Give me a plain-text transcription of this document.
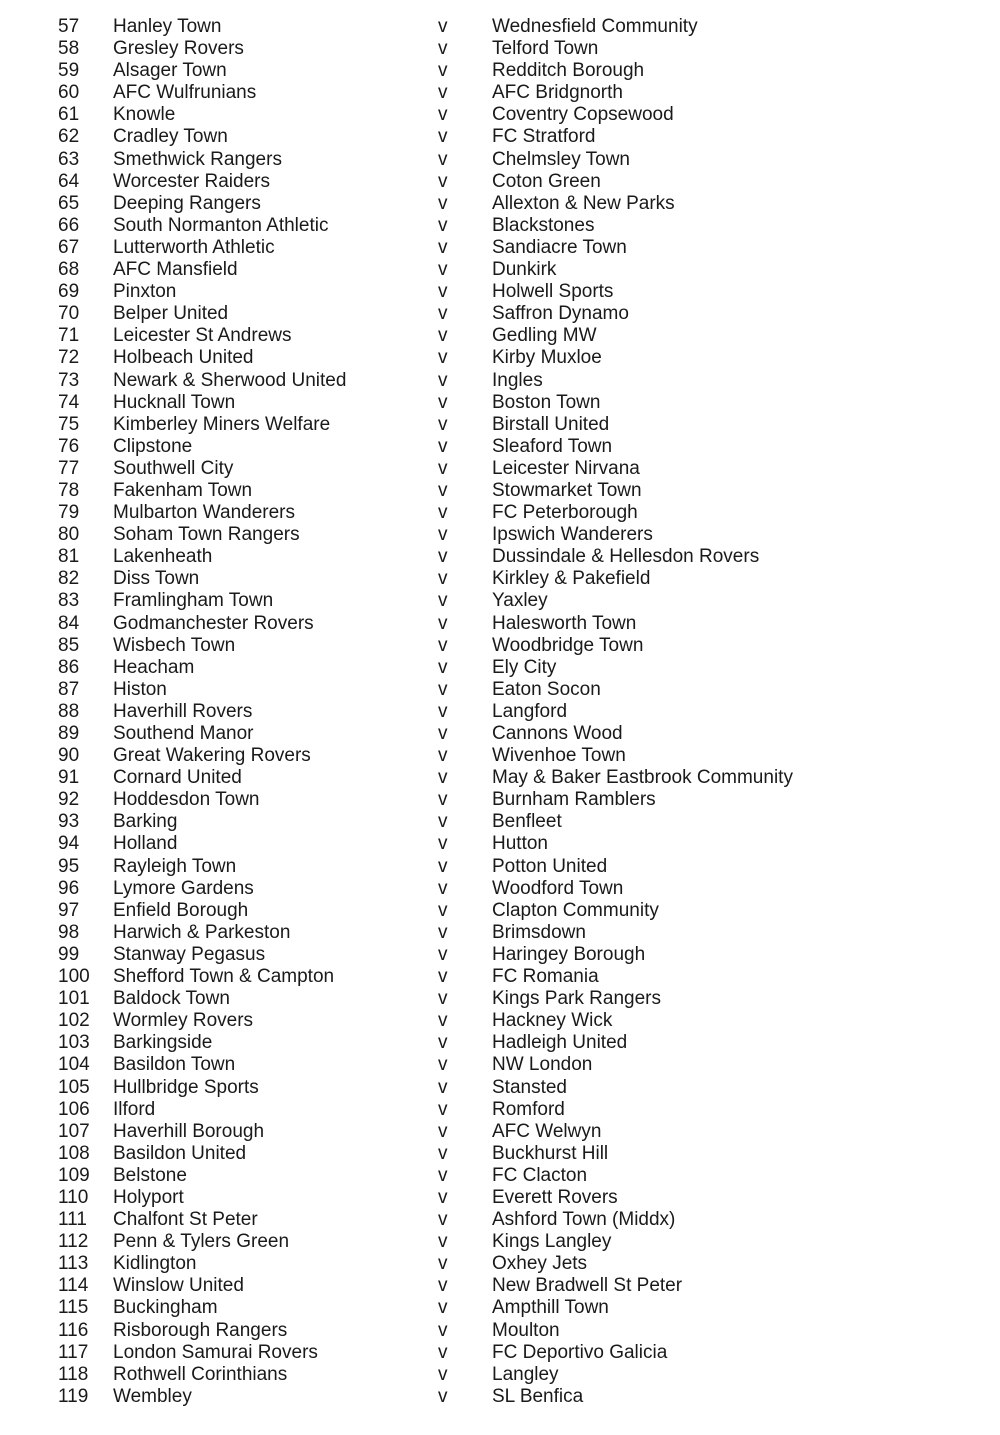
57 Hanley Town	v Wednesfield Community
58 Gresley Rovers	v Telford Town
59 Alsager Town	v Redditch Borough
60 AFC Wulfrunians	v AFC Bridgnorth
61 Knowle	v Coventry Copsewood
62 Cradley Town	v FC Stratford
63 Smethwick Rangers	v Chelmsley Town
64 Worcester Raiders	v Coton Green
65 Deeping Rangers	v Allexton & New Parks
66 South Normanton Athletic	v Blackstones
67 Lutterworth Athletic	v Sandiacre Town
68 AFC Mansfield	v Dunkirk
69 Pinxton	v Holwell Sports
70 Belper United	v Saffron Dynamo
71 Leicester St Andrews	v Gedling MW
72 Holbeach United	v Kirby Muxloe
73 Newark & Sherwood United	v Ingles
74 Hucknall Town	v Boston Town
75 Kimberley Miners Welfare	v Birstall United
76 Clipstone	v Sleaford Town
77 Southwell City	v Leicester Nirvana
78 Fakenham Town	v Stowmarket Town
79 Mulbarton Wanderers	v FC Peterborough
80 Soham Town Rangers	v Ipswich Wanderers
81 Lakenheath	v Dussindale & Hellesdon Rovers
82 Diss Town	v Kirkley & Pakefield
83 Framlingham Town	v Yaxley
84 Godmanchester Rovers	v Halesworth Town
85 Wisbech Town	v Woodbridge Town
86 Heacham	v Ely City
87 Histon	v Eaton Socon
88 Haverhill Rovers	v Langford
89 Southend Manor	v Cannons Wood
90 Great Wakering Rovers	v Wivenhoe Town
91 Cornard United	v May & Baker Eastbrook Community
92 Hoddesdon Town	v Burnham Ramblers
93 Barking	v Benfleet
94 Holland	v Hutton
95 Rayleigh Town	v Potton United
96 Lymore Gardens	v Woodford Town
97 Enfield Borough	v Clapton Community
98 Harwich & Parkeston	v Brimsdown
99 Stanway Pegasus	v Haringey Borough
100 Shefford Town & Campton	v FC Romania
101 Baldock Town	v Kings Park Rangers
102 Wormley Rovers	v Hackney Wick
103 Barkingside	v Hadleigh United
104 Basildon Town	v NW London
105 Hullbridge Sports	v Stansted
106 Ilford	v Romford
107 Haverhill Borough	v AFC Welwyn
108 Basildon United	v Buckhurst Hill
109 Belstone	v FC Clacton
110 Holyport	v Everett Rovers
111 Chalfont St Peter	v Ashford Town (Middx)
112 Penn & Tylers Green	v Kings Langley
113 Kidlington	v Oxhey Jets
114 Winslow United	v New Bradwell St Peter
115 Buckingham	v Ampthill Town
116 Risborough Rangers	v Moulton
117 London Samurai Rovers	v FC Deportivo Galicia
118 Rothwell Corinthians	v Langley
119 Wembley	v SL Benfica
